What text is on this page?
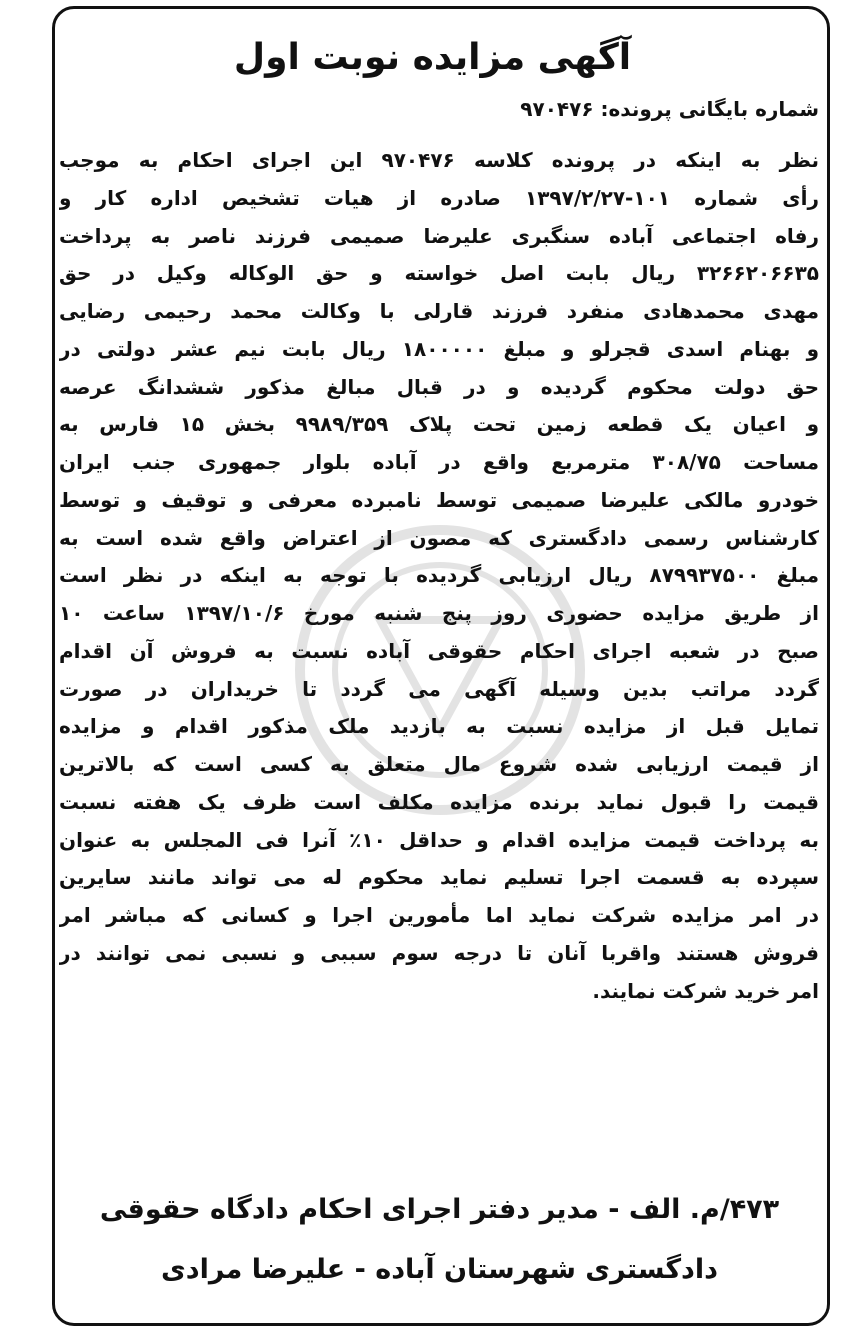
آگهی مزایده نوبت اول

شماره بایگانی پرونده: ۹۷۰۴۷۶

نظر به اینکه در پرونده کلاسه ۹۷۰۴۷۶ این اجرای احکام به موجب
رأی شماره ۱۰۱-۱۳۹۷/۲/۲۷ صادره از هیات تشخیص اداره کار و
رفاه اجتماعی آباده سنگبری علیرضا صمیمی فرزند ناصر به پرداخت
۳۲۶۶۲۰۶۶۳۵ ریال بابت اصل خواسته و حق الوکاله وکیل در حق
مهدی محمدهادی منفرد فرزند قارلی با وکالت محمد رحیمی رضایی
و بهنام اسدی قجرلو و مبلغ ۱۸۰۰۰۰۰ ریال بابت نیم عشر دولتی در
حق دولت محکوم گردیده و در قبال مبالغ مذکور ششدانگ عرصه
و اعیان یک قطعه زمین تحت پلاک ۹۹۸۹/۳۵۹ بخش ۱۵ فارس به
مساحت ۳۰۸/۷۵ مترمربع واقع در آباده بلوار جمهوری جنب ایران
خودرو مالکی علیرضا صمیمی توسط نامبرده معرفی و توقیف و توسط
کارشناس رسمی دادگستری که مصون از اعتراض واقع شده است به
مبلغ ۸۷۹۹۳۷۵۰۰ ریال ارزیابی گردیده با توجه به اینکه در نظر است
از طریق مزایده حضوری روز پنج شنبه مورخ ۱۳۹۷/۱۰/۶ ساعت ۱۰
صبح در شعبه اجرای احکام حقوقی آباده نسبت به فروش آن اقدام
گردد مراتب بدین وسیله آگهی می گردد تا خریداران در صورت
تمایل قبل از مزایده نسبت به بازدید ملک مذکور اقدام و مزایده
از قیمت ارزیابی شده شروع مال متعلق به کسی است که بالاترین
قیمت را قبول نماید برنده مزایده مکلف است ظرف یک هفته نسبت
به پرداخت قیمت مزایده اقدام و حداقل ۱۰٪ آنرا فی المجلس به عنوان
سپرده به قسمت اجرا تسلیم نماید محکوم له می تواند مانند سایرین
در امر مزایده شرکت نماید اما مأمورین اجرا و کسانی که مباشر امر
فروش هستند واقربا آنان تا درجه سوم سببی و نسبی نمی توانند در
امر خرید شرکت نمایند.
۴۷۳/م. الف - مدیر دفتر اجرای احکام دادگاه حقوقی
دادگستری شهرستان آباده - علیرضا مرادی
